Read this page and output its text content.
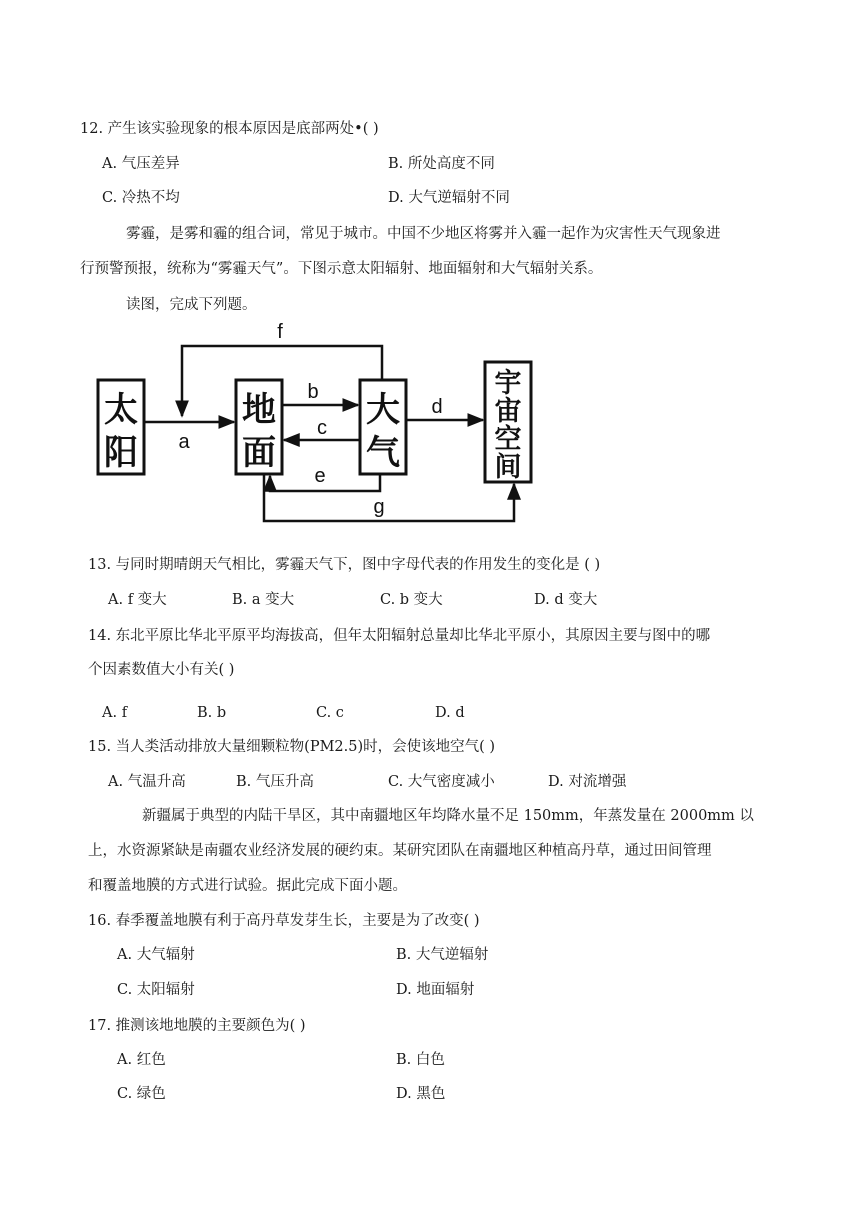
12. 产生该实验现象的根本原因是底部两处•( )
A. 气压差异	B. 所处高度不同
C. 冷热不均	D. 大气逆辐射不同
雾霾，是雾和霾的组合词，常见于城市。中国不少地区将雾并入霾一起作为灾害性天气现象进
行预警预报，统称为“雾霾天气”。下图示意太阳辐射、地面辐射和大气辐射关系。
读图，完成下列题。
太
阳
地
面
大
气
宇
宙
空
间
a
b
c
d
e
f
g
13. 与同时期晴朗天气相比，雾霾天气下，图中字母代表的作用发生的变化是 ( )
A. f 变大	B. a 变大	C. b 变大	D. d 变大
14. 东北平原比华北平原平均海拔高，但年太阳辐射总量却比华北平原小，其原因主要与图中的哪
个因素数值大小有关( )
A. f	B. b	C. c	D. d
15. 当人类活动排放大量细颗粒物(PM2.5)时，会使该地空气( )
A. 气温升高	B. 气压升高	C. 大气密度减小	D. 对流增强
新疆属于典型的内陆干旱区，其中南疆地区年均降水量不足 150mm，年蒸发量在 2000mm 以
上，水资源紧缺是南疆农业经济发展的硬约束。某研究团队在南疆地区种植高丹草，通过田间管理
和覆盖地膜的方式进行试验。据此完成下面小题。
16. 春季覆盖地膜有利于高丹草发芽生长，主要是为了改变( )
A. 大气辐射	B. 大气逆辐射
C. 太阳辐射	D. 地面辐射
17. 推测该地地膜的主要颜色为( )
A. 红色	B. 白色
C. 绿色	D. 黑色
